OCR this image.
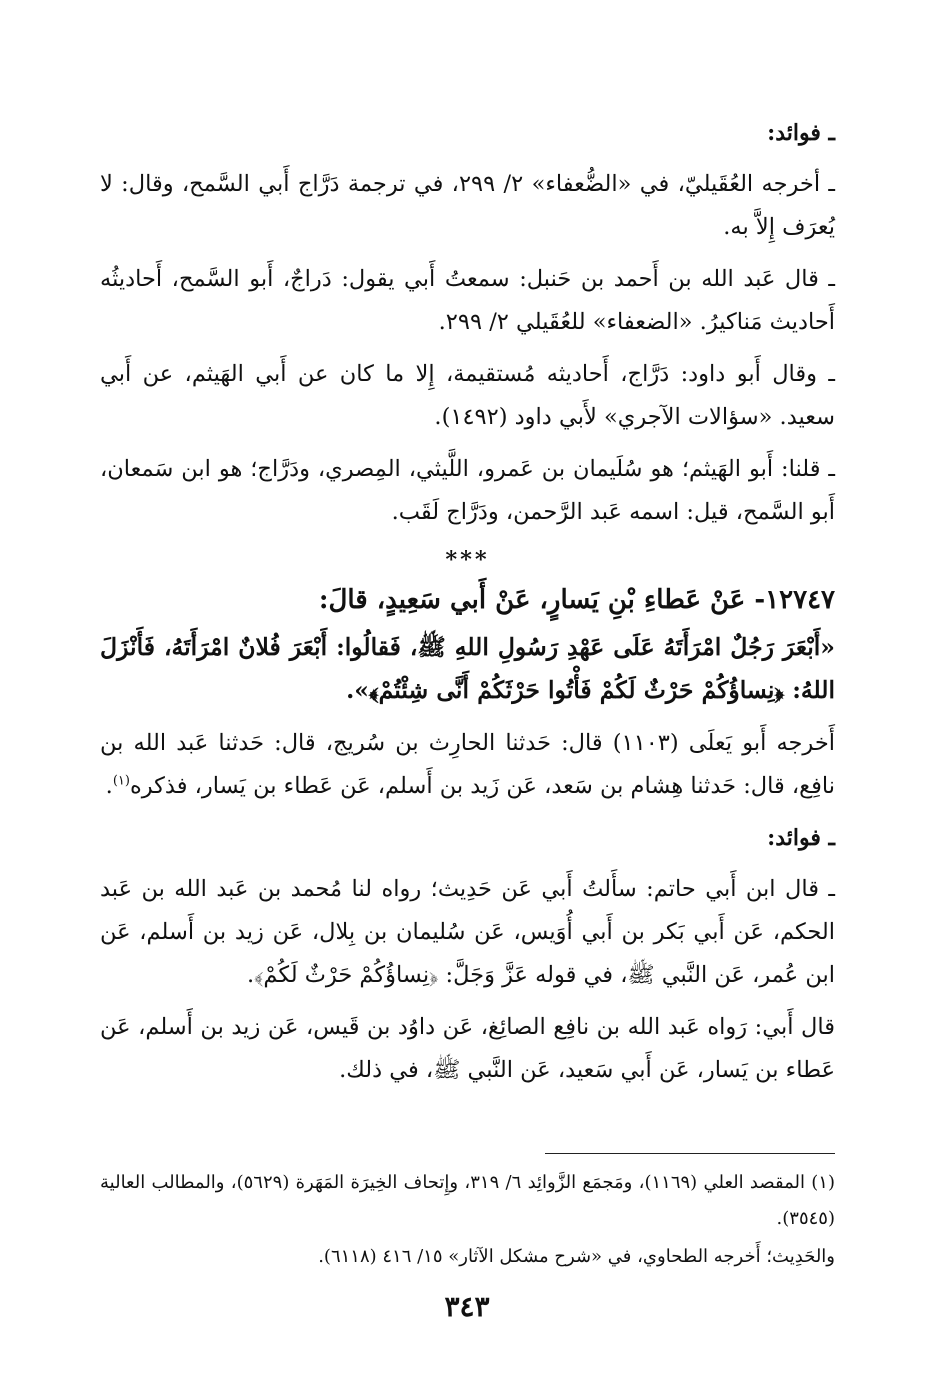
ـ فوائد:
ـ أخرجه العُقَيليّ، في «الضُّعفاء» ٢/ ٢٩٩، في ترجمة دَرَّاج أَبي السَّمح، وقال: لا يُعرَف إِلاَّ به.
ـ قال عَبد الله بن أَحمد بن حَنبل: سمعتُ أَبي يقول: دَراجٌ، أَبو السَّمح، أَحاديثُه أَحاديث مَناكيرُ. «الضعفاء» للعُقَيلي ٢/ ٢٩٩.
ـ وقال أَبو داود: دَرَّاج، أَحاديثه مُستقيمة، إِلا ما كان عن أَبي الهَيثم، عن أَبي سعيد. «سؤالات الآجري» لأَبي داود (١٤٩٢).
ـ قلنا: أَبو الهَيثم؛ هو سُلَيمان بن عَمرو، اللَّيثي، المِصري، ودَرَّاج؛ هو ابن سَمعان، أَبو السَّمح، قيل: اسمه عَبد الرَّحمن، ودَرَّاج لَقَب.
***
١٢٧٤٧- عَنْ عَطاءِ بْنِ يَسارٍ، عَنْ أَبي سَعِيدٍ، قالَ:
«أَبْعَرَ رَجُلٌ امْرَأَتَهُ عَلَى عَهْدِ رَسُولِ اللهِ ﷺ، فَقالُوا: أَبْعَرَ فُلانٌ امْرَأَتَهُ، فَأَنْزَلَ اللهُ: ﴿نِساؤُكُمْ حَرْثٌ لَكُمْ فَأْتُوا حَرْثَكُمْ أَنَّى شِئْتُمْ﴾».
أَخرجه أَبو يَعلَى (١١٠٣) قال: حَدثنا الحارِث بن سُريج، قال: حَدثنا عَبد الله بن نافِع، قال: حَدثنا هِشام بن سَعد، عَن زَيد بن أَسلم، عَن عَطاء بن يَسار، فذكره$^{(١)}$.
ـ فوائد:
ـ قال ابن أَبي حاتم: سأَلتُ أَبي عَن حَدِيث؛ رواه لنا مُحمد بن عَبد الله بن عَبد الحكم، عَن أَبي بَكر بن أَبي أُوَيس، عَن سُليمان بن بِلال، عَن زيد بن أَسلم، عَن ابن عُمر، عَن النَّبي ﷺ، في قوله عَزَّ وَجَلَّ: ﴿نِساؤُكُمْ حَرْثٌ لَكُمْ﴾.
قال أَبي: رَواه عَبد الله بن نافِع الصائِغ، عَن داوُد بن قَيس، عَن زيد بن أَسلم، عَن عَطاء بن يَسار، عَن أَبي سَعيد، عَن النَّبي ﷺ، في ذلك.
(١) المقصد العلي (١١٦٩)، ومَجمَع الزَّوائِد ٦/ ٣١٩، وإِتحاف الخِيرَة المَهَرة (٥٦٢٩)، والمطالب العالية (٣٥٤٥).
والحَدِيث؛ أَخرجه الطحاوي، في «شرح مشكل الآثار» ١٥/ ٤١٦ (٦١١٨).
٣٤٣
